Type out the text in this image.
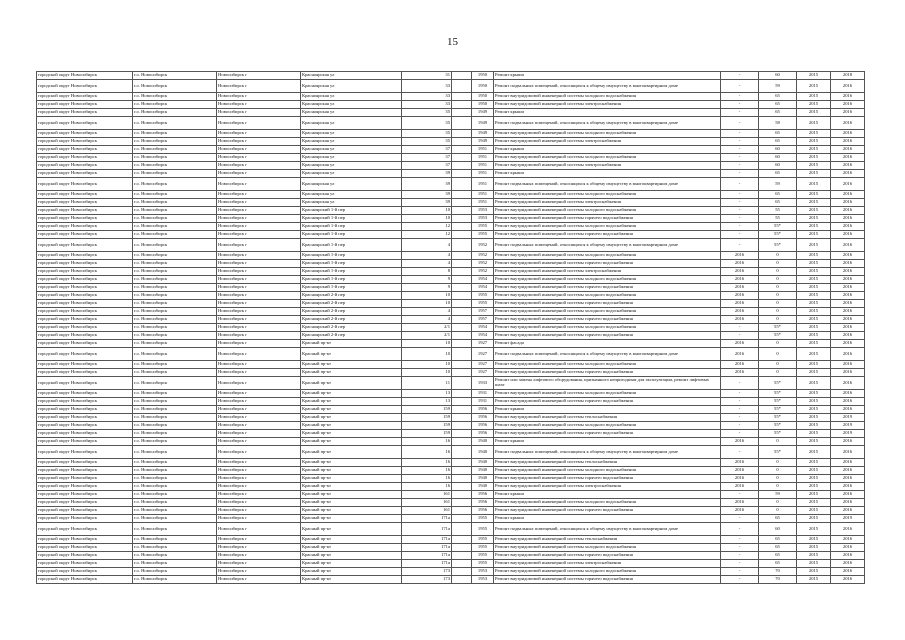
15
городской округ Новосибирск	г.о. Новосибирск	Новосибирск г	Красноярская ул	31		1950	Ремонт крыши	-	60	2015	2018
городской округ Новосибирск	г.о. Новосибирск	Новосибирск г	Красноярская ул	33		1950	Ремонт подвальных помещений, относящихся к общему имуществу в многоквартирном доме	-	59	2015	2016
городской округ Новосибирск	г.о. Новосибирск	Новосибирск г	Красноярская ул	33		1950	Ремонт внутридомовой инженерной системы холодного водоснабжения	-	65	2015	2016
городской округ Новосибирск	г.о. Новосибирск	Новосибирск г	Красноярская ул	33		1950	Ремонт внутридомовой инженерной системы электроснабжения	-	65	2015	2016
городской округ Новосибирск	г.о. Новосибирск	Новосибирск г	Красноярская ул	35		1949	Ремонт крыши	-	65	2015	2016
городской округ Новосибирск	г.о. Новосибирск	Новосибирск г	Красноярская ул	35		1949	Ремонт подвальных помещений, относящихся к общему имуществу в многоквартирном доме	-	58	2015	2016
городской округ Новосибирск	г.о. Новосибирск	Новосибирск г	Красноярская ул	35		1949	Ремонт внутридомовой инженерной системы холодного водоснабжения	-	65	2015	2016
городской округ Новосибирск	г.о. Новосибирск	Новосибирск г	Красноярская ул	35		1949	Ремонт внутридомовой инженерной системы электроснабжения	-	65	2015	2016
городской округ Новосибирск	г.о. Новосибирск	Новосибирск г	Красноярская ул	37		1951	Ремонт крыши	-	60	2015	2016
городской округ Новосибирск	г.о. Новосибирск	Новосибирск г	Красноярская ул	37		1951	Ремонт внутридомовой инженерной системы холодного водоснабжения	-	60	2015	2016
городской округ Новосибирск	г.о. Новосибирск	Новосибирск г	Красноярская ул	37		1951	Ремонт внутридомовой инженерной системы электроснабжения	-	60	2015	2016
городской округ Новосибирск	г.о. Новосибирск	Новосибирск г	Красноярская ул	39		1951	Ремонт крыши	-	65	2015	2016
городской округ Новосибирск	г.о. Новосибирск	Новосибирск г	Красноярская ул	39		1951	Ремонт подвальных помещений, относящихся к общему имуществу в многоквартирном доме	-	59	2015	2016
городской округ Новосибирск	г.о. Новосибирск	Новосибирск г	Красноярская ул	39		1951	Ремонт внутридомовой инженерной системы холодного водоснабжения	-	65	2015	2016
городской округ Новосибирск	г.о. Новосибирск	Новосибирск г	Красноярская ул	39		1951	Ремонт внутридомовой инженерной системы электроснабжения	-	65	2015	2016
городской округ Новосибирск	г.о. Новосибирск	Новосибирск г	Красноярский 1-й пер	10		1953	Ремонт внутридомовой инженерной системы холодного водоснабжения	-	55	2015	2016
городской округ Новосибирск	г.о. Новосибирск	Новосибирск г	Красноярский 1-й пер	10		1953	Ремонт внутридомовой инженерной системы горячего водоснабжения	-	55	2015	2016
городской округ Новосибирск	г.о. Новосибирск	Новосибирск г	Красноярский 1-й пер	12		1955	Ремонт внутридомовой инженерной системы холодного водоснабжения	-	55*	2015	2016
городской округ Новосибирск	г.о. Новосибирск	Новосибирск г	Красноярский 1-й пер	12		1955	Ремонт внутридомовой инженерной системы горячего водоснабжения	-	55*	2015	2016
городской округ Новосибирск	г.о. Новосибирск	Новосибирск г	Красноярский 1-й пер	4		1952	Ремонт подвальных помещений, относящихся к общему имуществу в многоквартирном доме	-	55*	2015	2016
городской округ Новосибирск	г.о. Новосибирск	Новосибирск г	Красноярский 1-й пер	4		1952	Ремонт внутридомовой инженерной системы холодного водоснабжения	2016	0	2015	2016
городской округ Новосибирск	г.о. Новосибирск	Новосибирск г	Красноярский 1-й пер	4		1952	Ремонт внутридомовой инженерной системы горячего водоснабжения	2016	0	2015	2016
городской округ Новосибирск	г.о. Новосибирск	Новосибирск г	Красноярский 1-й пер	8		1952	Ремонт внутридомовой инженерной системы электроснабжения	2016	0	2015	2016
городской округ Новосибирск	г.о. Новосибирск	Новосибирск г	Красноярский 1-й пер	9		1954	Ремонт внутридомовой инженерной системы холодного водоснабжения	2016	0	2015	2016
городской округ Новосибирск	г.о. Новосибирск	Новосибирск г	Красноярский 1-й пер	9		1954	Ремонт внутридомовой инженерной системы горячего водоснабжения	2016	0	2015	2016
городской округ Новосибирск	г.о. Новосибирск	Новосибирск г	Красноярский 2-й пер	10		1955	Ремонт внутридомовой инженерной системы холодного водоснабжения	2016	0	2015	2016
городской округ Новосибирск	г.о. Новосибирск	Новосибирск г	Красноярский 2-й пер	10		1955	Ремонт внутридомовой инженерной системы горячего водоснабжения	2016	0	2015	2016
городской округ Новосибирск	г.о. Новосибирск	Новосибирск г	Красноярский 2-й пер	4		1957	Ремонт внутридомовой инженерной системы холодного водоснабжения	2016	0	2015	2016
городской округ Новосибирск	г.о. Новосибирск	Новосибирск г	Красноярский 2-й пер	4		1957	Ремонт внутридомовой инженерной системы горячего водоснабжения	2016	0	2015	2016
городской округ Новосибирск	г.о. Новосибирск	Новосибирск г	Красноярский 2-й пер	2/1		1954	Ремонт внутридомовой инженерной системы холодного водоснабжения	-	55*	2015	2016
городской округ Новосибирск	г.о. Новосибирск	Новосибирск г	Красноярский 2-й пер	2/1		1954	Ремонт внутридомовой инженерной системы горячего водоснабжения	-	55*	2015	2016
городской округ Новосибирск	г.о. Новосибирск	Новосибирск г	Красный пр-кт	10		1927	Ремонт фасада	2016	0	2015	2016
городской округ Новосибирск	г.о. Новосибирск	Новосибирск г	Красный пр-кт	10		1927	Ремонт подвальных помещений, относящихся к общему имуществу в многоквартирном доме	2016	0	2015	2016
городской округ Новосибирск	г.о. Новосибирск	Новосибирск г	Красный пр-кт	10		1927	Ремонт внутридомовой инженерной системы холодного водоснабжения	2016	0	2015	2016
городской округ Новосибирск	г.о. Новосибирск	Новосибирск г	Красный пр-кт	10		1927	Ремонт внутридомовой инженерной системы горячего водоснабжения	2016	0	2015	2016
городской округ Новосибирск	г.о. Новосибирск	Новосибирск г	Красный пр-кт	11		1933	Ремонт или замена лифтового оборудования, признанного непригодным для эксплуатации, ремонт лифтовых шахт	-	55*	2015	2016
городской округ Новосибирск	г.о. Новосибирск	Новосибирск г	Красный пр-кт	13		1931	Ремонт внутридомовой инженерной системы холодного водоснабжения	-	55*	2015	2016
городской округ Новосибирск	г.о. Новосибирск	Новосибирск г	Красный пр-кт	13		1931	Ремонт внутридомовой инженерной системы горячего водоснабжения	-	55*	2015	2016
городской округ Новосибирск	г.о. Новосибирск	Новосибирск г	Красный пр-кт	159		1956	Ремонт крыши	-	55*	2015	2016
городской округ Новосибирск	г.о. Новосибирск	Новосибирск г	Красный пр-кт	159		1956	Ремонт внутридомовой инженерной системы теплоснабжения	-	55*	2015	2019
городской округ Новосибирск	г.о. Новосибирск	Новосибирск г	Красный пр-кт	159		1956	Ремонт внутридомовой инженерной системы холодного водоснабжения	-	55*	2015	2019
городской округ Новосибирск	г.о. Новосибирск	Новосибирск г	Красный пр-кт	159		1956	Ремонт внутридомовой инженерной системы горячего водоснабжения	-	55*	2015	2019
городской округ Новосибирск	г.о. Новосибирск	Новосибирск г	Красный пр-кт	16		1940	Ремонт крыши	2016	0	2015	2016
городской округ Новосибирск	г.о. Новосибирск	Новосибирск г	Красный пр-кт	16		1940	Ремонт подвальных помещений, относящихся к общему имуществу в многоквартирном доме	-	55*	2015	2016
городской округ Новосибирск	г.о. Новосибирск	Новосибирск г	Красный пр-кт	16		1940	Ремонт внутридомовой инженерной системы теплоснабжения	2016	0	2015	2016
городской округ Новосибирск	г.о. Новосибирск	Новосибирск г	Красный пр-кт	16		1940	Ремонт внутридомовой инженерной системы холодного водоснабжения	2016	0	2015	2016
городской округ Новосибирск	г.о. Новосибирск	Новосибирск г	Красный пр-кт	16		1940	Ремонт внутридомовой инженерной системы горячего водоснабжения	2016	0	2015	2016
городской округ Новосибирск	г.о. Новосибирск	Новосибирск г	Красный пр-кт	16		1940	Ремонт внутридомовой инженерной системы электроснабжения	2016	0	2015	2016
городской округ Новосибирск	г.о. Новосибирск	Новосибирск г	Красный пр-кт	161		1956	Ремонт крыши	-	59	2015	2016
городской округ Новосибирск	г.о. Новосибирск	Новосибирск г	Красный пр-кт	161		1956	Ремонт внутридомовой инженерной системы холодного водоснабжения	2016	0	2015	2016
городской округ Новосибирск	г.о. Новосибирск	Новосибирск г	Красный пр-кт	161		1956	Ремонт внутридомовой инженерной системы горячего водоснабжения	2016	0	2015	2016
городской округ Новосибирск	г.о. Новосибирск	Новосибирск г	Красный пр-кт	171а		1955	Ремонт крыши	-	65	2015	2019
городской округ Новосибирск	г.о. Новосибирск	Новосибирск г	Красный пр-кт	171а		1955	Ремонт подвальных помещений, относящихся к общему имуществу в многоквартирном доме	-	60	2015	2016
городской округ Новосибирск	г.о. Новосибирск	Новосибирск г	Красный пр-кт	171а		1955	Ремонт внутридомовой инженерной системы теплоснабжения	-	65	2015	2016
городской округ Новосибирск	г.о. Новосибирск	Новосибирск г	Красный пр-кт	171а		1955	Ремонт внутридомовой инженерной системы холодного водоснабжения	-	65	2015	2016
городской округ Новосибирск	г.о. Новосибирск	Новосибирск г	Красный пр-кт	171а		1955	Ремонт внутридомовой инженерной системы горячего водоснабжения	-	65	2015	2016
городской округ Новосибирск	г.о. Новосибирск	Новосибирск г	Красный пр-кт	171а		1955	Ремонт внутридомовой инженерной системы электроснабжения	-	65	2015	2016
городской округ Новосибирск	г.о. Новосибирск	Новосибирск г	Красный пр-кт	173		1953	Ремонт внутридомовой инженерной системы холодного водоснабжения	-	70	2015	2016
городской округ Новосибирск	г.о. Новосибирск	Новосибирск г	Красный пр-кт	173		1953	Ремонт внутридомовой инженерной системы горячего водоснабжения	-	70	2015	2016
